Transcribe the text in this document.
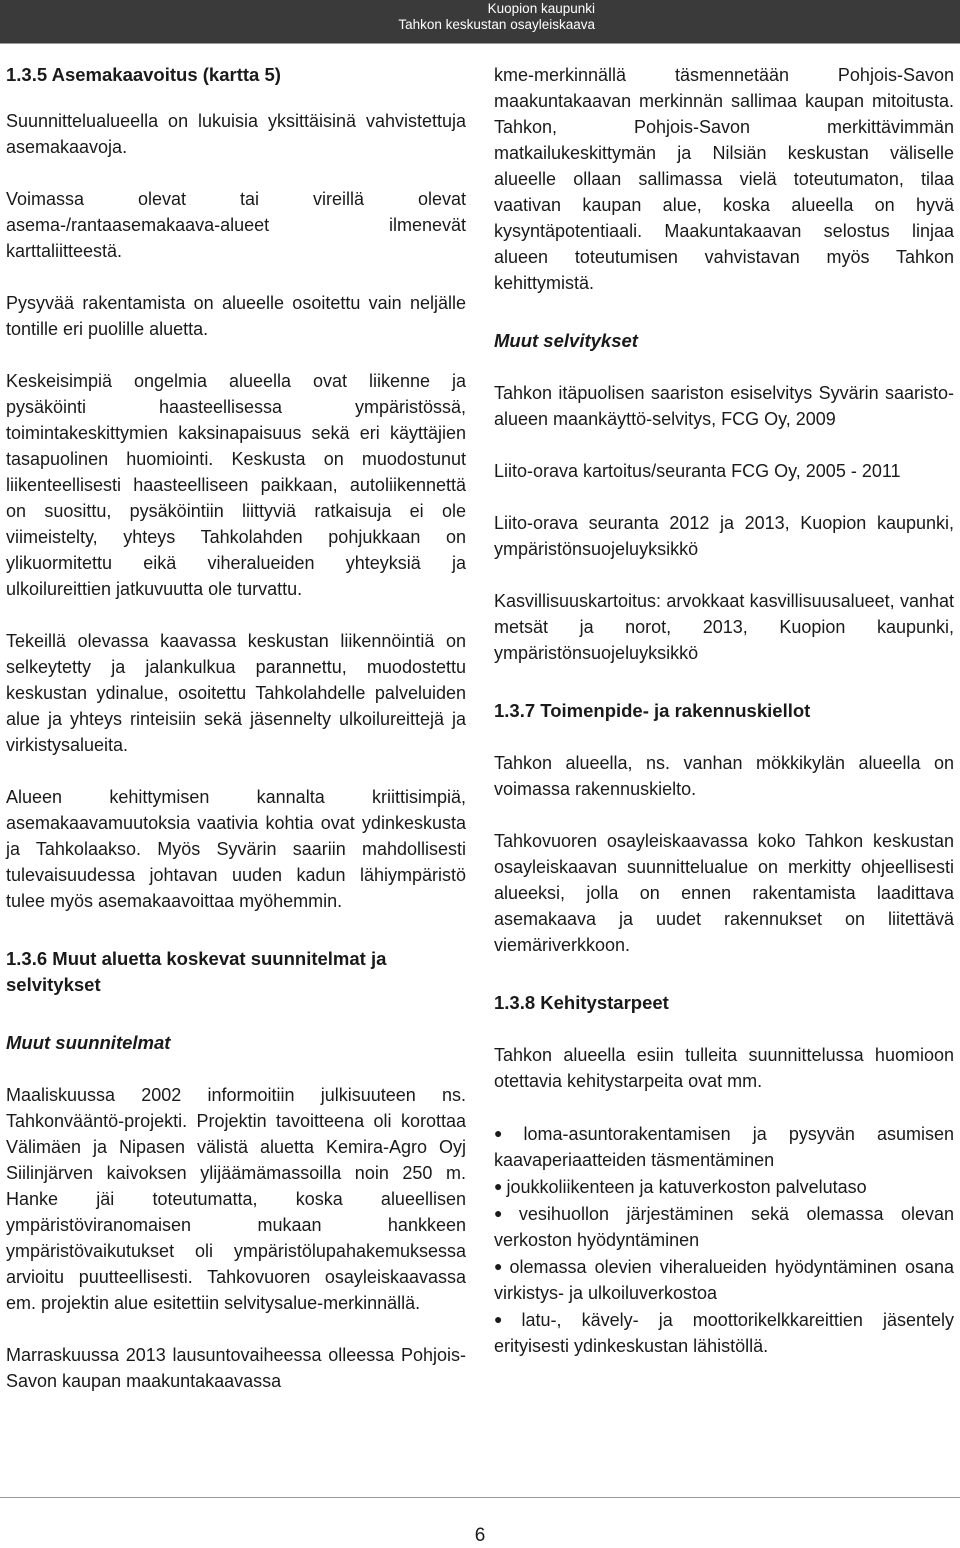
Kuopion kaupunki
Tahkon keskustan osayleiskaava
1.3.5 Asemakaavoitus (kartta 5)

Suunnittelualueella on lukuisia yksittäisinä vahvistettuja asemakaavoja.

Voimassa olevat tai vireillä olevat asema-/rantaasemakaava-alueet ilmenevät karttaliitteestä.

Pysyvää rakentamista on alueelle osoitettu vain neljälle tontille eri puolille aluetta.

Keskeisimpiä ongelmia alueella ovat liikenne ja pysäköinti haasteellisessa ympäristössä, toimintakeskittymien kaksinapaisuus sekä eri käyttäjien tasapuolinen huomiointi. Keskusta on muodostunut liikenteellisesti haasteelliseen paikkaan, autoliikennettä on suosittu, pysäköintiin liittyviä ratkaisuja ei ole viimeistelty, yhteys Tahkolahden pohjukkaan on ylikuormitettu eikä viheralueiden yhteyksiä ja ulkoilureittien jatkuvuutta ole turvattu.

Tekeillä olevassa kaavassa keskustan liikennöintiä on selkeytetty ja jalankulkua parannettu, muodostettu keskustan ydinalue, osoitettu Tahkolahdelle palveluiden alue ja yhteys rinteisiin sekä jäsennelty ulkoilureittejä ja virkistysalueita.

Alueen kehittymisen kannalta kriittisimpiä, asemakaavamuutoksia vaativia kohtia ovat ydinkeskusta ja Tahkolaakso. Myös Syvärin saariin mahdollisesti tulevaisuudessa johtavan uuden kadun lähiympäristö tulee myös asemakaavoittaa myöhemmin.

1.3.6 Muut aluetta koskevat suunnitelmat ja selvitykset
Muut suunnitelmat

Maaliskuussa 2002 informoitiin julkisuuteen ns. Tahkonvääntö-projekti. Projektin tavoitteena oli korottaa Välimäen ja Nipasen välistä aluetta Kemira-Agro Oyj Siilinjärven kaivoksen ylijäämämassoilla noin 250 m. Hanke jäi toteutumatta, koska alueellisen ympäristöviranomaisen mukaan hankkeen ympäristövaikutukset oli ympäristölupahakemuksessa arvioitu puutteellisesti. Tahkovuoren osayleiskaavassa em. projektin alue esitettiin selvitysalue-merkinnällä.

Marraskuussa 2013 lausuntovaiheessa olleessa Pohjois-Savon kaupan maakuntakaavassa

kme-merkinnällä täsmennetään Pohjois-Savon maakuntakaavan merkinnän sallimaa kaupan mitoitusta. Tahkon, Pohjois-Savon merkittävimmän matkailukeskittymän ja Nilsiän keskustan väliselle alueelle ollaan sallimassa vielä toteutumaton, tilaa vaativan kaupan alue, koska alueella on hyvä kysyntäpotentiaali. Maakuntakaavan selostus linjaa alueen toteutumisen vahvistavan myös Tahkon kehittymistä.

Muut selvitykset

Tahkon itäpuolisen saariston esiselvitys Syvärin saaristo-alueen maankäyttö-selvitys, FCG Oy, 2009

Liito-orava kartoitus/seuranta FCG Oy, 2005 - 2011

Liito-orava seuranta 2012 ja 2013, Kuopion kaupunki, ympäristönsuojeluyksikkö

Kasvillisuuskartoitus: arvokkaat kasvillisuusalueet, vanhat metsät ja norot, 2013, Kuopion kaupunki, ympäristönsuojeluyksikkö

1.3.7 Toimenpide- ja rakennuskiellot

Tahkon alueella, ns. vanhan mökkikylän alueella on voimassa rakennuskielto.

Tahkovuoren osayleiskaavassa koko Tahkon keskustan osayleiskaavan suunnittelualue on merkitty ohjeellisesti alueeksi, jolla on ennen rakentamista laadittava asemakaava ja uudet rakennukset on liitettävä viemäriverkkoon.

1.3.8 Kehitystarpeet

Tahkon alueella esiin tulleita suunnittelussa huomioon otettavia kehitystarpeita ovat mm.

● loma-asuntorakentamisen ja pysyvän asumisen kaavaperiaatteiden täsmentäminen
● joukkoliikenteen ja katuverkoston palvelutaso
● vesihuollon järjestäminen sekä olemassa olevan verkoston hyödyntäminen
● olemassa olevien viheralueiden hyödyntäminen osana virkistys- ja ulkoiluverkostoa
● latu-, kävely- ja moottorikelkkareittien jäsentely erityisesti ydinkeskustan lähistöllä.
6
